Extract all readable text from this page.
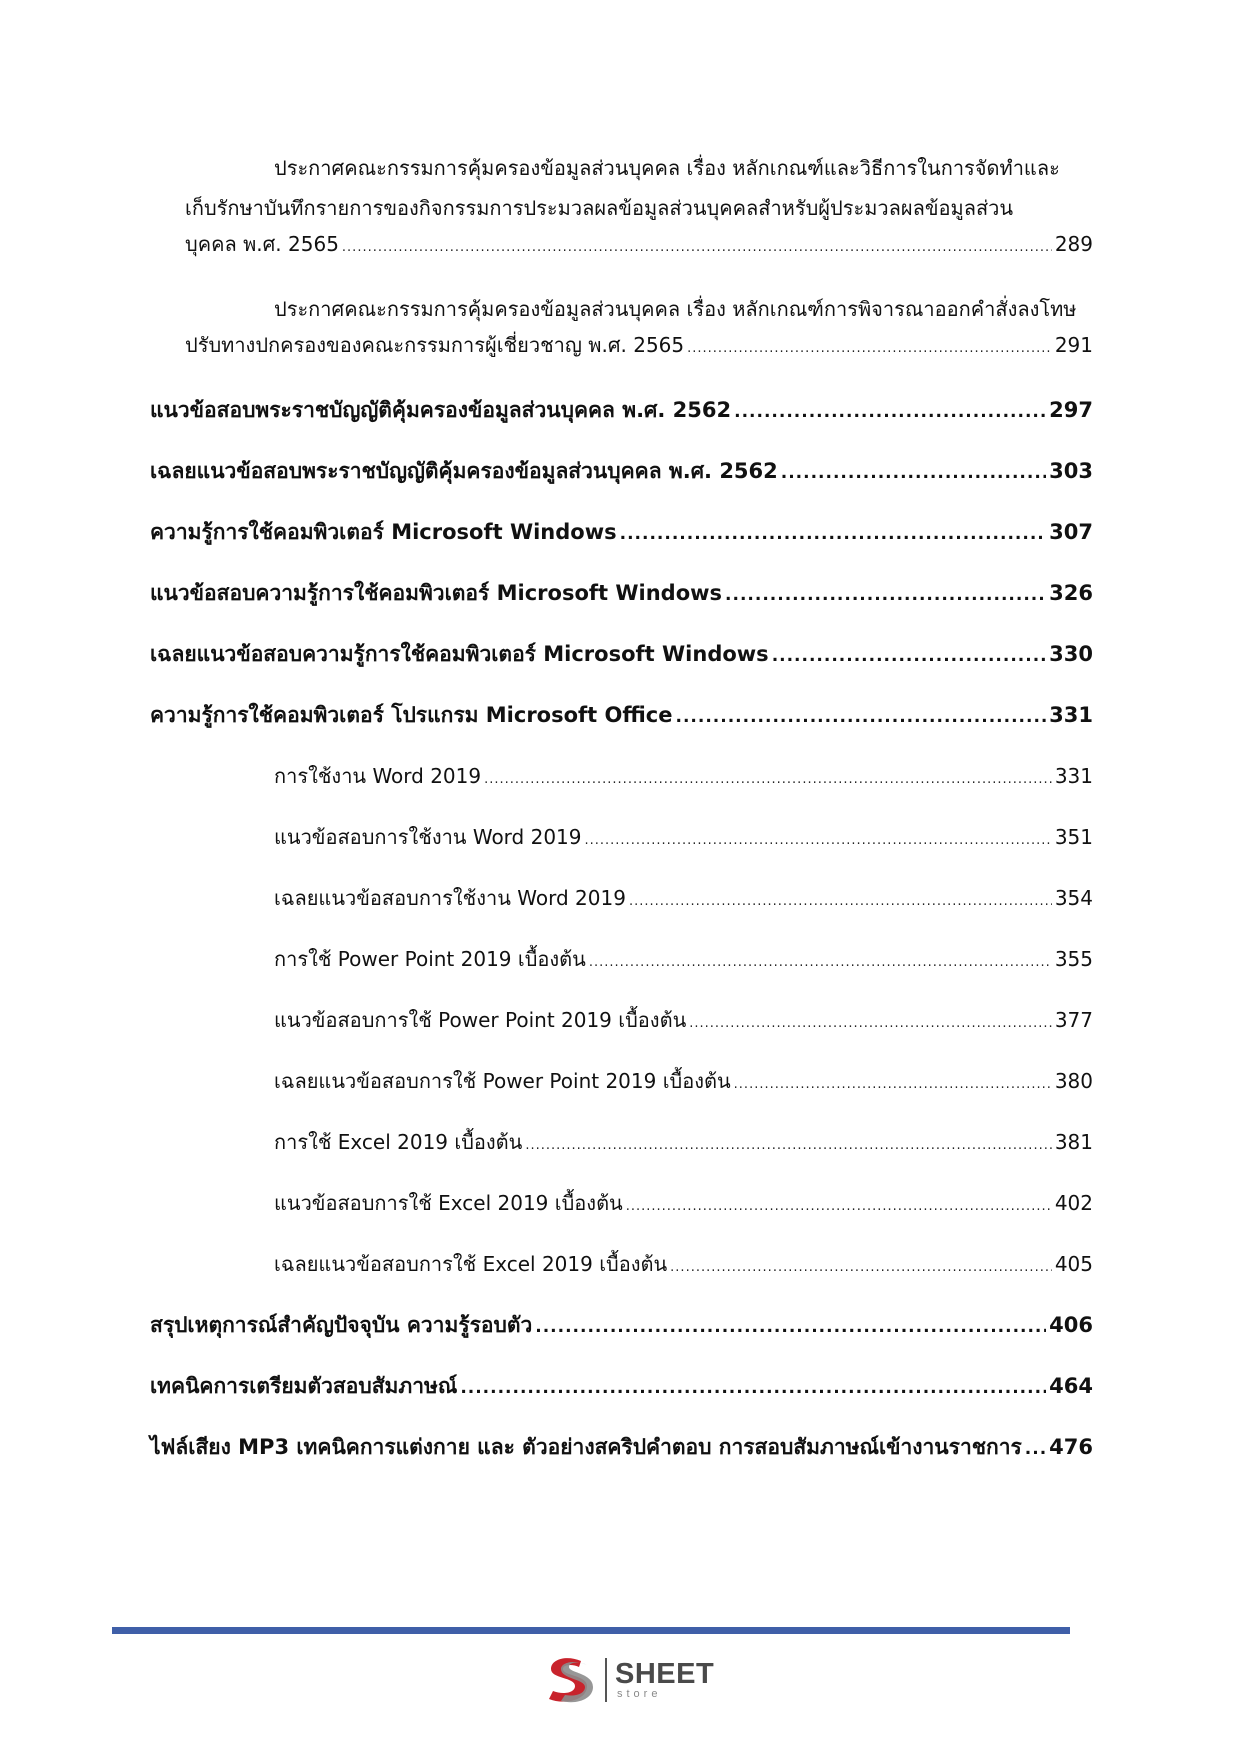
ประกาศคณะกรรมการคุ้มครองข้อมูลส่วนบุคคล เรื่อง หลักเกณฑ์และวิธีการในการจัดทำและ
เก็บรักษาบันทึกรายการของกิจกรรมการประมวลผลข้อมูลส่วนบุคคลสำหรับผู้ประมวลผลข้อมูลส่วน
บุคคล พ.ศ. 2565 .....	289
ประกาศคณะกรรมการคุ้มครองข้อมูลส่วนบุคคล เรื่อง หลักเกณฑ์การพิจารณาออกคำสั่งลงโทษ
ปรับทางปกครองของคณะกรรมการผู้เชี่ยวชาญ พ.ศ. 2565 .....	291
แนวข้อสอบพระราชบัญญัติคุ้มครองข้อมูลส่วนบุคคล พ.ศ. 2562 .....	297
เฉลยแนวข้อสอบพระราชบัญญัติคุ้มครองข้อมูลส่วนบุคคล พ.ศ. 2562 .....	303
ความรู้การใช้คอมพิวเตอร์ Microsoft Windows .....	307
แนวข้อสอบความรู้การใช้คอมพิวเตอร์ Microsoft Windows .....	326
เฉลยแนวข้อสอบความรู้การใช้คอมพิวเตอร์ Microsoft Windows .....	330
ความรู้การใช้คอมพิวเตอร์ โปรแกรม Microsoft Office .....	331
การใช้งาน Word 2019 .....	331
แนวข้อสอบการใช้งาน Word 2019 .....	351
เฉลยแนวข้อสอบการใช้งาน Word 2019 .....	354
การใช้ Power Point 2019 เบื้องต้น .....	355
แนวข้อสอบการใช้ Power Point 2019 เบื้องต้น .....	377
เฉลยแนวข้อสอบการใช้ Power Point 2019 เบื้องต้น .....	380
การใช้ Excel 2019 เบื้องต้น .....	381
แนวข้อสอบการใช้ Excel 2019 เบื้องต้น .....	402
เฉลยแนวข้อสอบการใช้ Excel 2019 เบื้องต้น .....	405
สรุปเหตุการณ์สำคัญปัจจุบัน ความรู้รอบตัว .....	406
เทคนิคการเตรียมตัวสอบสัมภาษณ์ .....	464
ไฟล์เสียง MP3 เทคนิคการแต่งกาย และ ตัวอย่างสคริปคำตอบ การสอบสัมภาษณ์เข้างานราชการ ..... 476
SHEET
store
